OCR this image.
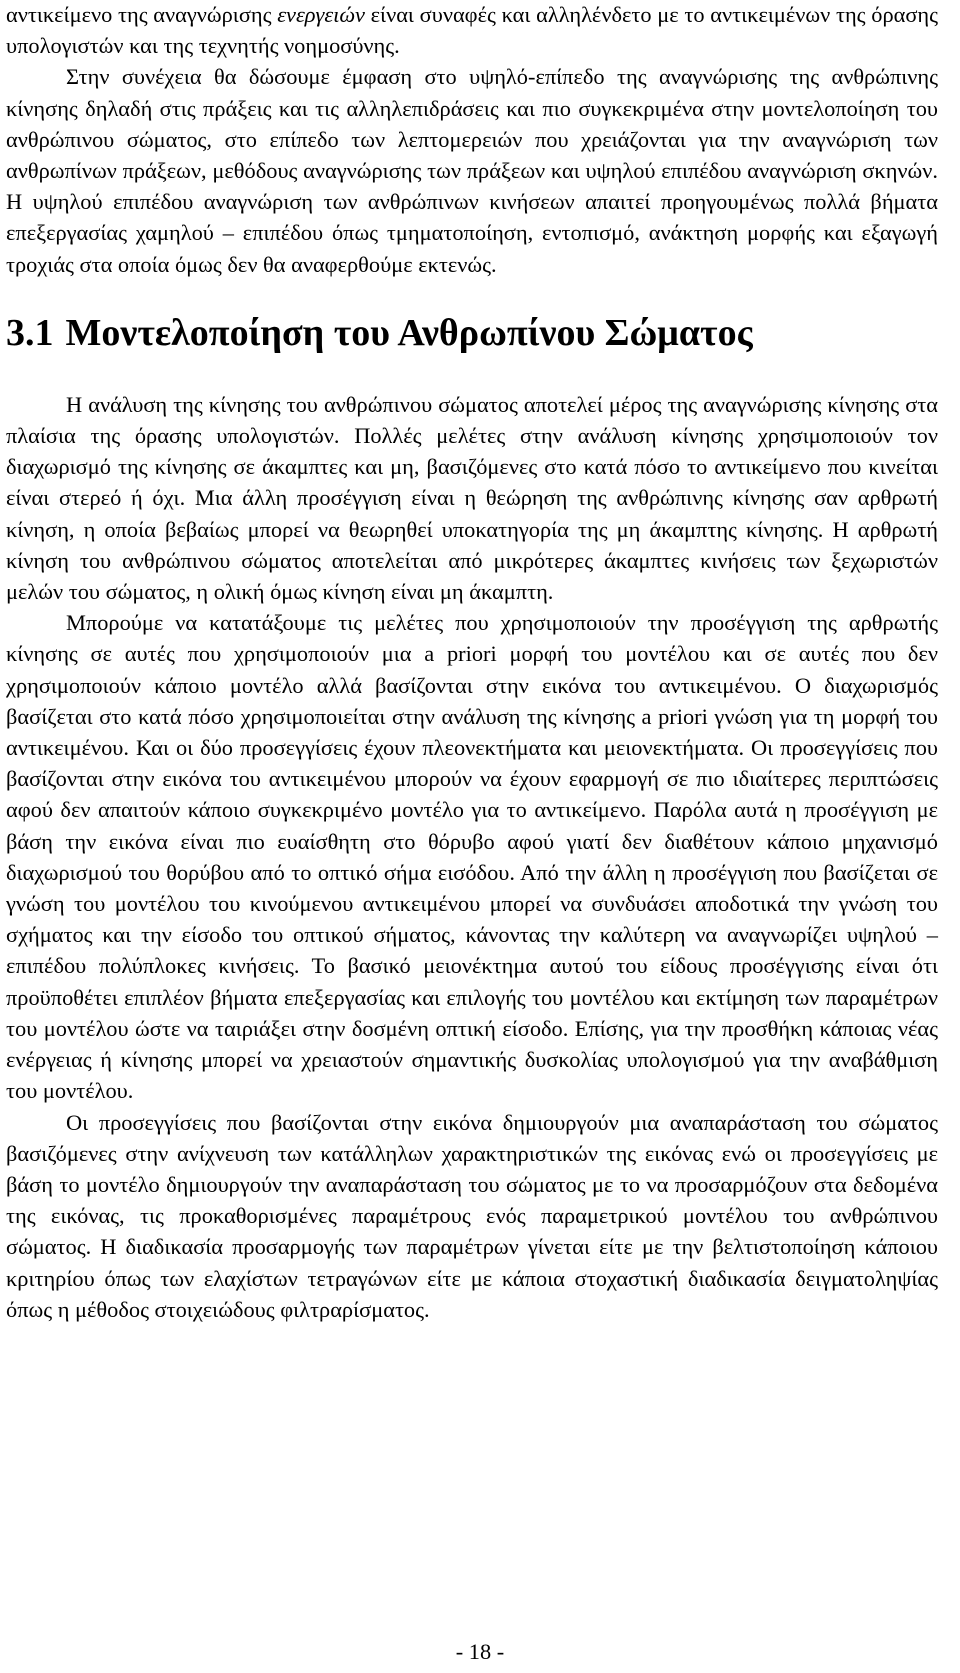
αντικείμενο της αναγνώρισης ενεργειών είναι συναφές και αλληλένδετο με το αντικειμένων της όρασης υπολογιστών και της τεχνητής νοημοσύνης.

Στην συνέχεια θα δώσουμε έμφαση στο υψηλό-επίπεδο της αναγνώρισης της ανθρώπινης κίνησης δηλαδή στις πράξεις και τις αλληλεπιδράσεις και πιο συγκεκριμένα στην μοντελοποίηση του ανθρώπινου σώματος, στο επίπεδο των λεπτομερειών που χρειάζονται για την αναγνώριση των ανθρωπίνων πράξεων, μεθόδους αναγνώρισης των πράξεων και υψηλού επιπέδου αναγνώριση σκηνών. Η υψηλού επιπέδου αναγνώριση των ανθρώπινων κινήσεων απαιτεί προηγουμένως πολλά βήματα επεξεργασίας χαμηλού – επιπέδου όπως τμηματοποίηση, εντοπισμό, ανάκτηση μορφής και εξαγωγή τροχιάς στα οποία όμως δεν θα αναφερθούμε εκτενώς.

3.1 Μοντελοποίηση του Ανθρωπίνου Σώματος

Η ανάλυση της κίνησης του ανθρώπινου σώματος αποτελεί μέρος της αναγνώρισης κίνησης στα πλαίσια της όρασης υπολογιστών. Πολλές μελέτες στην ανάλυση κίνησης χρησιμοποιούν τον διαχωρισμό της κίνησης σε άκαμπτες και μη, βασιζόμενες στο κατά πόσο το αντικείμενο που κινείται είναι στερεό ή όχι. Μια άλλη προσέγγιση είναι η θεώρηση της ανθρώπινης κίνησης σαν αρθρωτή κίνηση, η οποία βεβαίως μπορεί να θεωρηθεί υποκατηγορία της μη άκαμπτης κίνησης. Η αρθρωτή κίνηση του ανθρώπινου σώματος αποτελείται από μικρότερες άκαμπτες κινήσεις των ξεχωριστών μελών του σώματος, η ολική όμως κίνηση είναι μη άκαμπτη.

Μπορούμε να κατατάξουμε τις μελέτες που χρησιμοποιούν την προσέγγιση της αρθρωτής κίνησης σε αυτές που χρησιμοποιούν μια a priori μορφή του μοντέλου και σε αυτές που δεν χρησιμοποιούν κάποιο μοντέλο αλλά βασίζονται στην εικόνα του αντικειμένου. Ο διαχωρισμός βασίζεται στο κατά πόσο χρησιμοποιείται στην ανάλυση της κίνησης a priori γνώση για τη μορφή του αντικειμένου. Και οι δύο προσεγγίσεις έχουν πλεονεκτήματα και μειονεκτήματα. Οι προσεγγίσεις που βασίζονται στην εικόνα του αντικειμένου μπορούν να έχουν εφαρμογή σε πιο ιδιαίτερες περιπτώσεις αφού δεν απαιτούν κάποιο συγκεκριμένο μοντέλο για το αντικείμενο. Παρόλα αυτά η προσέγγιση με βάση την εικόνα είναι πιο ευαίσθητη στο θόρυβο αφού γιατί δεν διαθέτουν κάποιο μηχανισμό διαχωρισμού του θορύβου από το οπτικό σήμα εισόδου. Από την άλλη η προσέγγιση που βασίζεται σε γνώση του μοντέλου του κινούμενου αντικειμένου μπορεί να συνδυάσει αποδοτικά την γνώση του σχήματος και την είσοδο του οπτικού σήματος, κάνοντας την καλύτερη να αναγνωρίζει υψηλού – επιπέδου πολύπλοκες κινήσεις. Το βασικό μειονέκτημα αυτού του είδους προσέγγισης είναι ότι προϋποθέτει επιπλέον βήματα επεξεργασίας και επιλογής του μοντέλου και εκτίμηση των παραμέτρων του μοντέλου ώστε να ταιριάξει στην δοσμένη οπτική είσοδο. Επίσης, για την προσθήκη κάποιας νέας ενέργειας ή κίνησης μπορεί να χρειαστούν σημαντικής δυσκολίας υπολογισμού για την αναβάθμιση του μοντέλου.

Οι προσεγγίσεις που βασίζονται στην εικόνα δημιουργούν μια αναπαράσταση του σώματος βασιζόμενες στην ανίχνευση των κατάλληλων χαρακτηριστικών της εικόνας ενώ οι προσεγγίσεις με βάση το μοντέλο δημιουργούν την αναπαράσταση του σώματος με το να προσαρμόζουν στα δεδομένα της εικόνας, τις προκαθορισμένες παραμέτρους ενός παραμετρικού μοντέλου του ανθρώπινου σώματος. Η διαδικασία προσαρμογής των παραμέτρων γίνεται είτε με την βελτιστοποίηση κάποιου κριτηρίου όπως των ελαχίστων τετραγώνων είτε με κάποια στοχαστική διαδικασία δειγματοληψίας όπως η μέθοδος στοιχειώδους φιλτραρίσματος.

- 18 -
